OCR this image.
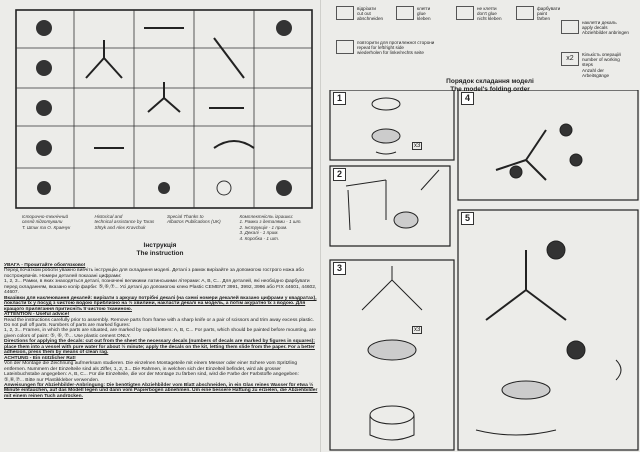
Історично-технічний
огляд підготували
Т. Шпик та О. Кравчук
Historical and
technical assistance by Taras
Shtyk and Alex Kravchuk
Special Thanks to
Albatros Publications (UK)
Комплектність іграшки:
1. Рамки з деталями - 1 шт.
2. Інструкція - 1 прим.
3. Декалі - 1 прим.
4. Коробка - 1 шт.
Інструкція
The instruction

УВАГА - Прочитайте обов'язково!

Перед початком роботи уважно вивчіть інструкцію для складання моделі. Деталі з рамок вирізайте за допомогою гострого ножа або построжувачів. Номери деталей показані цифрами:

1, 2, 3... Рамки, в яких знаходяться деталі, позначені великими латинськими літерами: A, B, C... Для деталей, які необхідно фарбувати перед складанням, вказано колір фарби: ⑤,⑥,⑦... Усі деталі до допомогою клею Plastic CEMENT 3991, 3992, 3996 або FIX 44601, 44602, 44607.

Вказівки для наклеювання декалей: вирізати з аркушу потрібні декалі (на схемі номери декалей вказано цифрами у квадратах), покласти їх у посуд з чистою водою приблизно на ½ хвилини, накласти декалі на модель, а потім акуратно їх з водою. Для кращого прилягання притисніть її чистою тканиною.

ATTENTION - Useful advice!

Read the instructions carefully prior to assembly. Remove parts from frame with a sharp knife or a pair of scissors and trim away excess plastic. Do not pull off parts. Numbers of parts are marked figures:

1, 2, 3... Frames, in which the parts are situated, are marked by capital letters: A, B, C... For parts, which should be painted before mounting, are given colors of paint: ⑤, ⑥, ⑦... Use plastic cement ONLY.

Directions for applying the decals: cut out from the sheet the necessary decals (numbers of decals are marked by figures in squares); place them into a vessel with pure water for about ½ minute; apply the decals on the kit, letting them slide from the paper. For a better adhesion, press them by means of clean rag.

ACHTUNG - Ein nützlicher Rat!

Von der Montage die Zeichnung aufmerksam studieren. Die einzelnen Montageteile mit einem Messer oder einer Schere vom Spritzling entfernen. Nummern der Einzelteile sind als Ziffer, 1, 2, 3... Die Rahmen, in welchen sich der Einzelteil befindet, wird als grosser Lateinbuchstabe angegeben: A, B, C... Für die Einzelteile, die vor der Montage zu färben sind, wird die Farbe der Farbstoffe angegeben: ⑤,⑥,⑦... Bitte nur Plastikkleber verwenden.

Anweisungen für Abziehbilder-Anbringung: Die benötigten Abziehbilder vom Blatt abschneiden, in ein Glas reines Wasser für etwa ½ Minute eintauchen, auf das Modell legen und dann vom Papierbogen abnehmen. Um eine bessere Haftung zu erzielen, die Abziehbilder mit einem reinen Tuch andrücken.

відрізати
cut out
abschneiden
клеїти
glue
kleben
не клеїти
don't glue
nicht kleben
фарбувати
paint
färben
повторити для протилежної сторони
repeat for left/right side
wiederholen für linke/rechts seite
наклеїти декаль
apply decals
Abziehbilder anbringen
x2
Кількість операцій
number of working steps
Anzahl der Arbeitsgänge
Порядок складання моделі
The model's folding order
1
2
3
4
5
x3
x3
